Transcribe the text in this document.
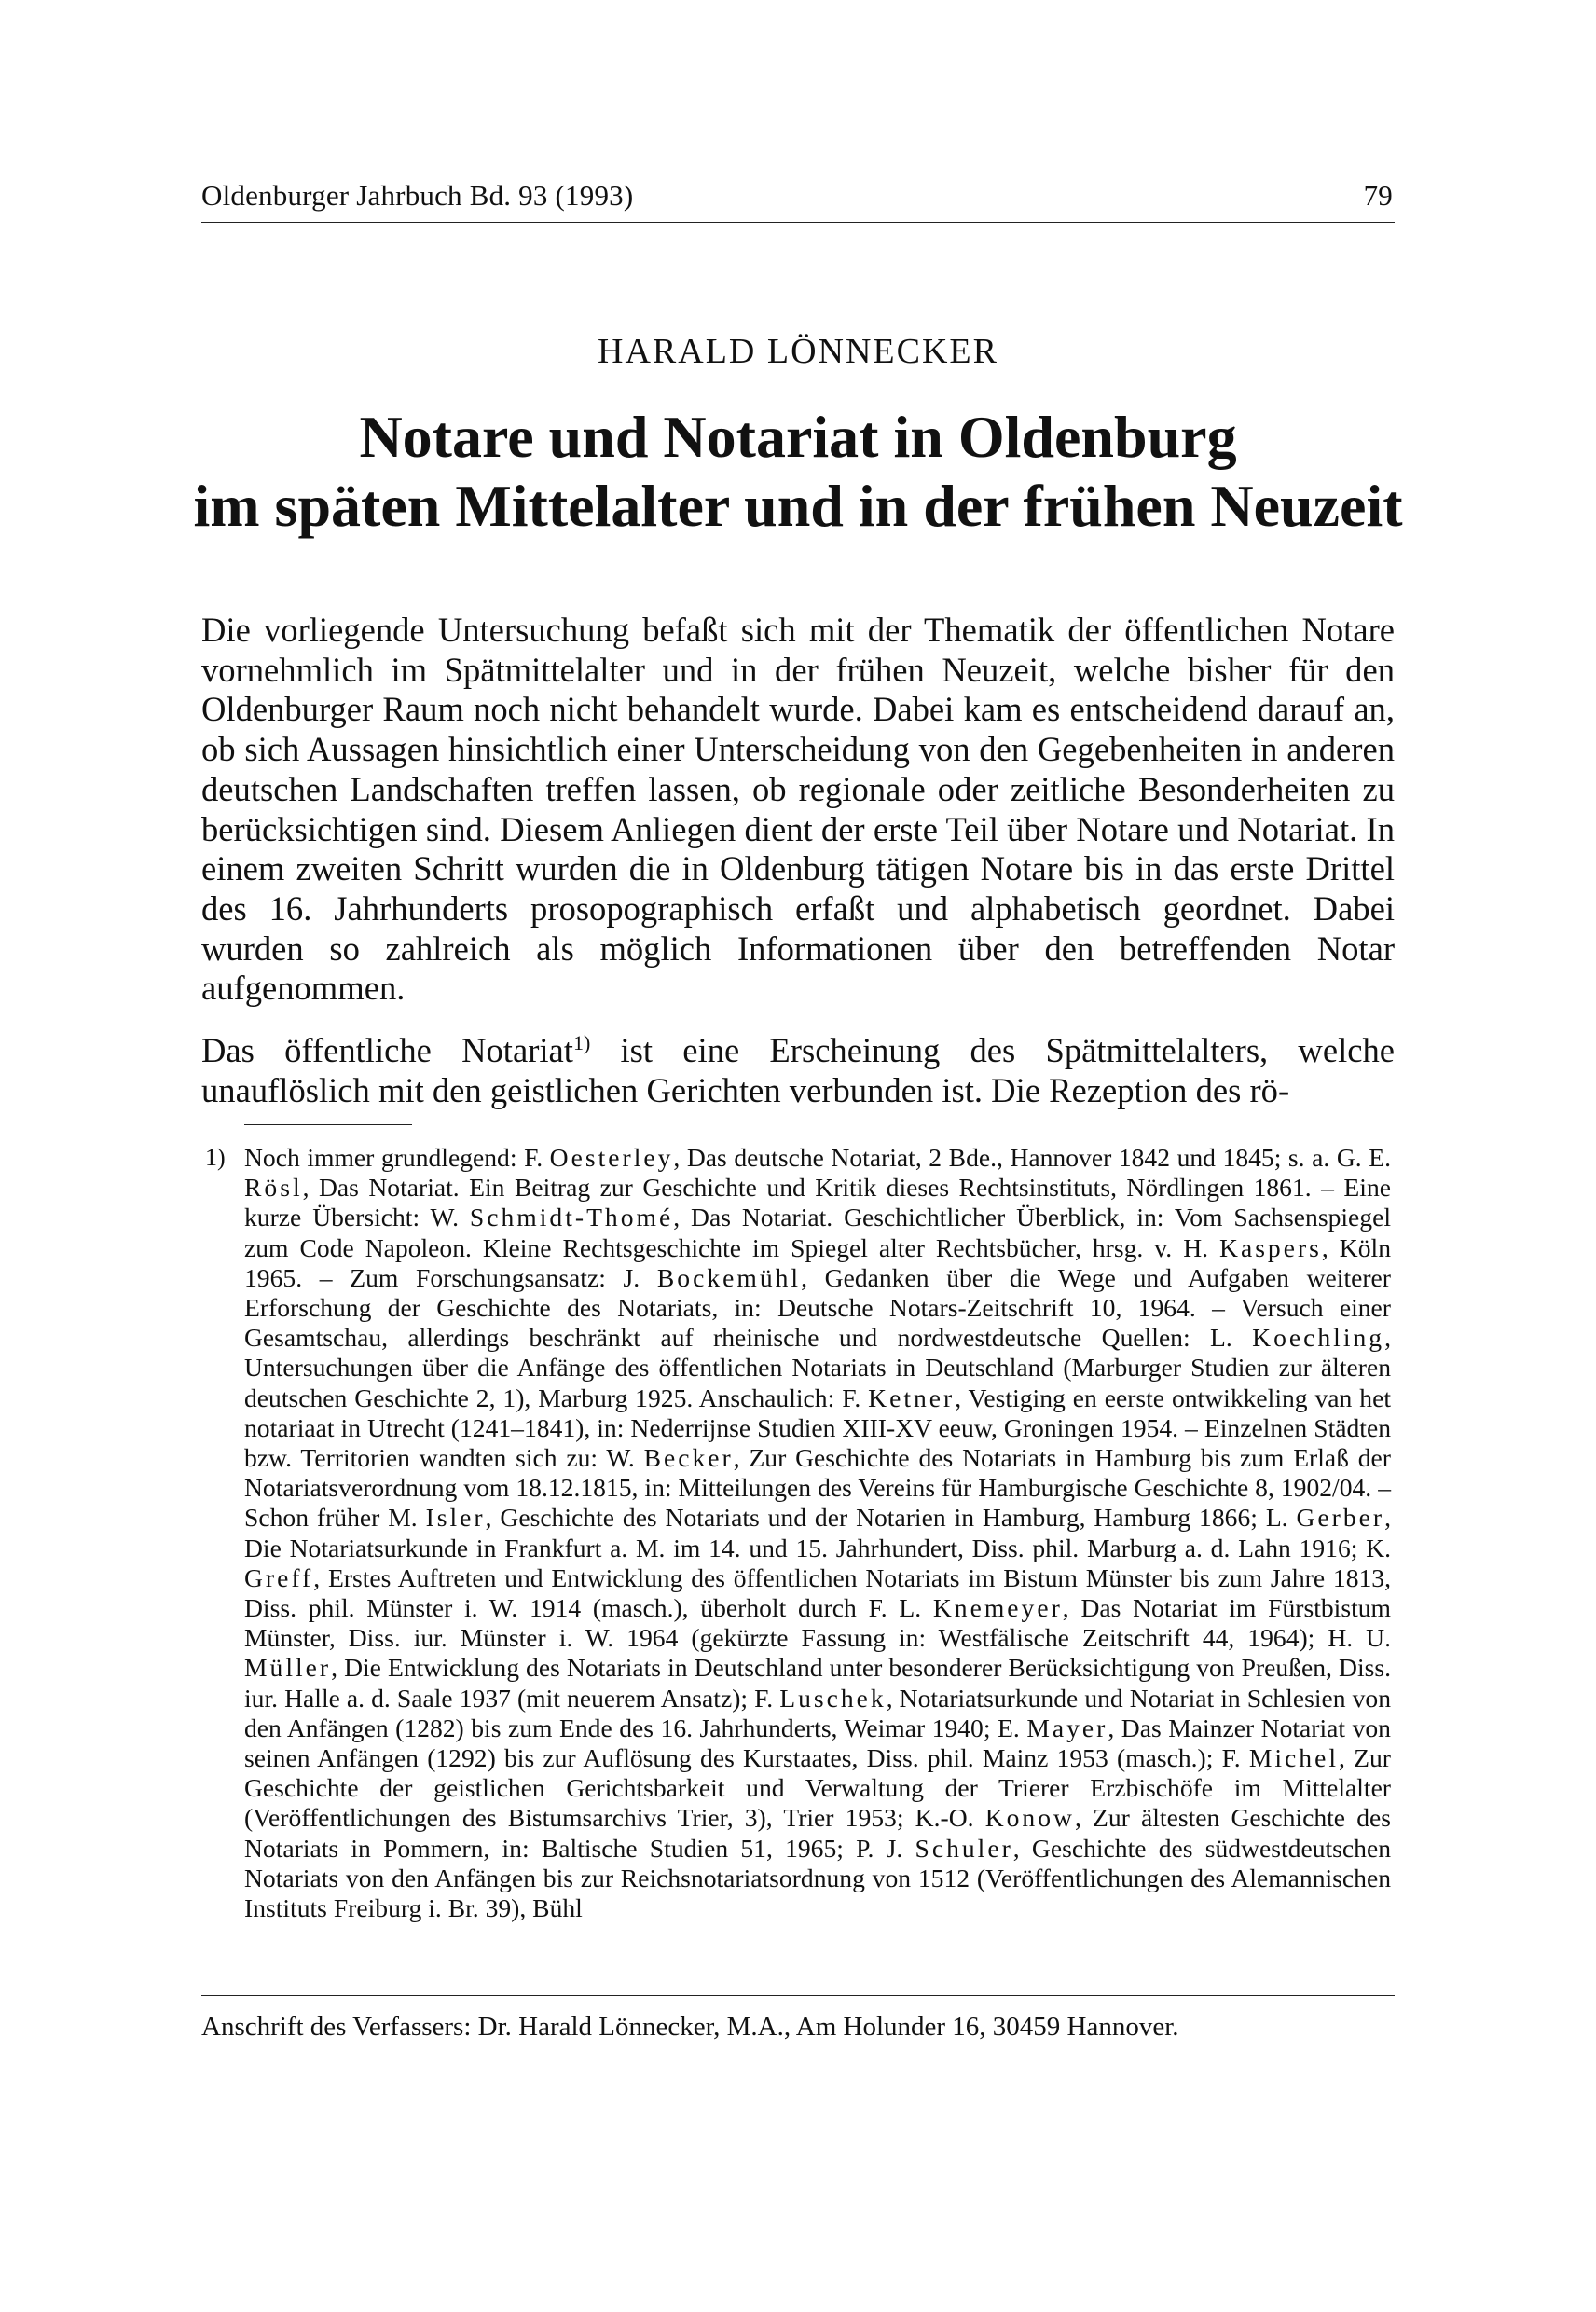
Oldenburger Jahrbuch Bd. 93 (1993)	79
HARALD LÖNNECKER
Notare und Notariat in Oldenburg
im späten Mittelalter und in der frühen Neuzeit

Die vorliegende Untersuchung befaßt sich mit der Thematik der öffentlichen Notare vornehmlich im Spätmittelalter und in der frühen Neuzeit, welche bisher für den Oldenburger Raum noch nicht behandelt wurde. Dabei kam es entscheidend darauf an, ob sich Aussagen hinsichtlich einer Unterscheidung von den Gegebenheiten in anderen deutschen Landschaften treffen lassen, ob regionale oder zeitliche Besonderheiten zu berücksichtigen sind. Diesem Anliegen dient der erste Teil über Notare und Notariat. In einem zweiten Schritt wurden die in Oldenburg tätigen Notare bis in das erste Drittel des 16. Jahrhunderts prosopographisch erfaßt und alphabetisch geordnet. Dabei wurden so zahlreich als möglich Informationen über den betreffenden Notar aufgenommen.

Das öffentliche Notariat$^{1)}$ ist eine Erscheinung des Spätmittelalters, welche unauflöslich mit den geistlichen Gerichten verbunden ist. Die Rezeption des rö-

1) Noch immer grundlegend: F. Oesterley, Das deutsche Notariat, 2 Bde., Hannover 1842 und 1845; s. a. G. E. Rösl, Das Notariat. Ein Beitrag zur Geschichte und Kritik dieses Rechtsinstituts, Nördlingen 1861. – Eine kurze Übersicht: W. Schmidt-Thomé, Das Notariat. Geschichtlicher Überblick, in: Vom Sachsenspiegel zum Code Napoleon. Kleine Rechtsgeschichte im Spiegel alter Rechtsbücher, hrsg. v. H. Kaspers, Köln 1965. – Zum Forschungsansatz: J. Bockemühl, Gedanken über die Wege und Aufgaben weiterer Erforschung der Geschichte des Notariats, in: Deutsche Notars-Zeitschrift 10, 1964. – Versuch einer Gesamtschau, allerdings beschränkt auf rheinische und nordwestdeutsche Quellen: L. Koechling, Untersuchungen über die Anfänge des öffentlichen Notariats in Deutschland (Marburger Studien zur älteren deutschen Geschichte 2, 1), Marburg 1925. Anschaulich: F. Ketner, Vestiging en eerste ontwikkeling van het notariaat in Utrecht (1241–1841), in: Nederrijnse Studien XIII-XV eeuw, Groningen 1954. – Einzelnen Städten bzw. Territorien wandten sich zu: W. Becker, Zur Geschichte des Notariats in Hamburg bis zum Erlaß der Notariatsverordnung vom 18.12.1815, in: Mitteilungen des Vereins für Hamburgische Geschichte 8, 1902/04. – Schon früher M. Isler, Geschichte des Notariats und der Notarien in Hamburg, Hamburg 1866; L. Gerber, Die Notariatsurkunde in Frankfurt a. M. im 14. und 15. Jahrhundert, Diss. phil. Marburg a. d. Lahn 1916; K. Greff, Erstes Auftreten und Entwicklung des öffentlichen Notariats im Bistum Münster bis zum Jahre 1813, Diss. phil. Münster i. W. 1914 (masch.), überholt durch F. L. Knemeyer, Das Notariat im Fürstbistum Münster, Diss. iur. Münster i. W. 1964 (gekürzte Fassung in: Westfälische Zeitschrift 44, 1964); H. U. Müller, Die Entwicklung des Notariats in Deutschland unter besonderer Berücksichtigung von Preußen, Diss. iur. Halle a. d. Saale 1937 (mit neuerem Ansatz); F. Luschek, Notariatsurkunde und Notariat in Schlesien von den Anfängen (1282) bis zum Ende des 16. Jahrhunderts, Weimar 1940; E. Mayer, Das Mainzer Notariat von seinen Anfängen (1292) bis zur Auflösung des Kurstaates, Diss. phil. Mainz 1953 (masch.); F. Michel, Zur Geschichte der geistlichen Gerichtsbarkeit und Verwaltung der Trierer Erzbischöfe im Mittelalter (Veröffentlichungen des Bistumsarchivs Trier, 3), Trier 1953; K.-O. Konow, Zur ältesten Geschichte des Notariats in Pommern, in: Baltische Studien 51, 1965; P. J. Schuler, Geschichte des südwestdeutschen Notariats von den Anfängen bis zur Reichsnotariatsordnung von 1512 (Veröffentlichungen des Alemannischen Instituts Freiburg i. Br. 39), Bühl

Anschrift des Verfassers: Dr. Harald Lönnecker, M.A., Am Holunder 16, 30459 Hannover.
